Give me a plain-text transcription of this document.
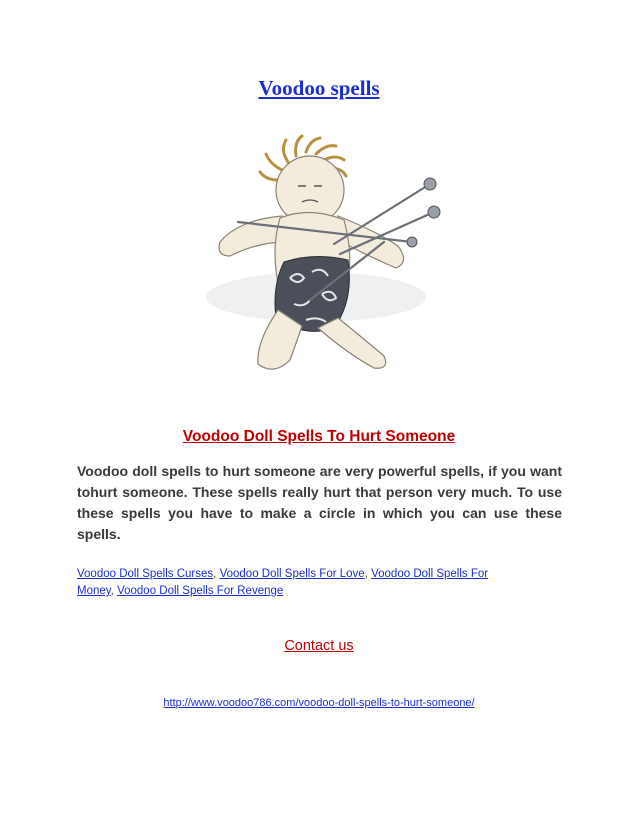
Voodoo spells
Voodoo Doll Spells To Hurt Someone

Voodoo doll spells to hurt someone are very powerful spells, if you want tohurt someone. These spells really hurt that person very much. To use these spells you have to make a circle in which you can use these spells.

Voodoo Doll Spells Curses, Voodoo Doll Spells For Love, Voodoo Doll Spells For Money, Voodoo Doll Spells For Revenge

Contact us

http://www.voodoo786.com/voodoo-doll-spells-to-hurt-someone/
